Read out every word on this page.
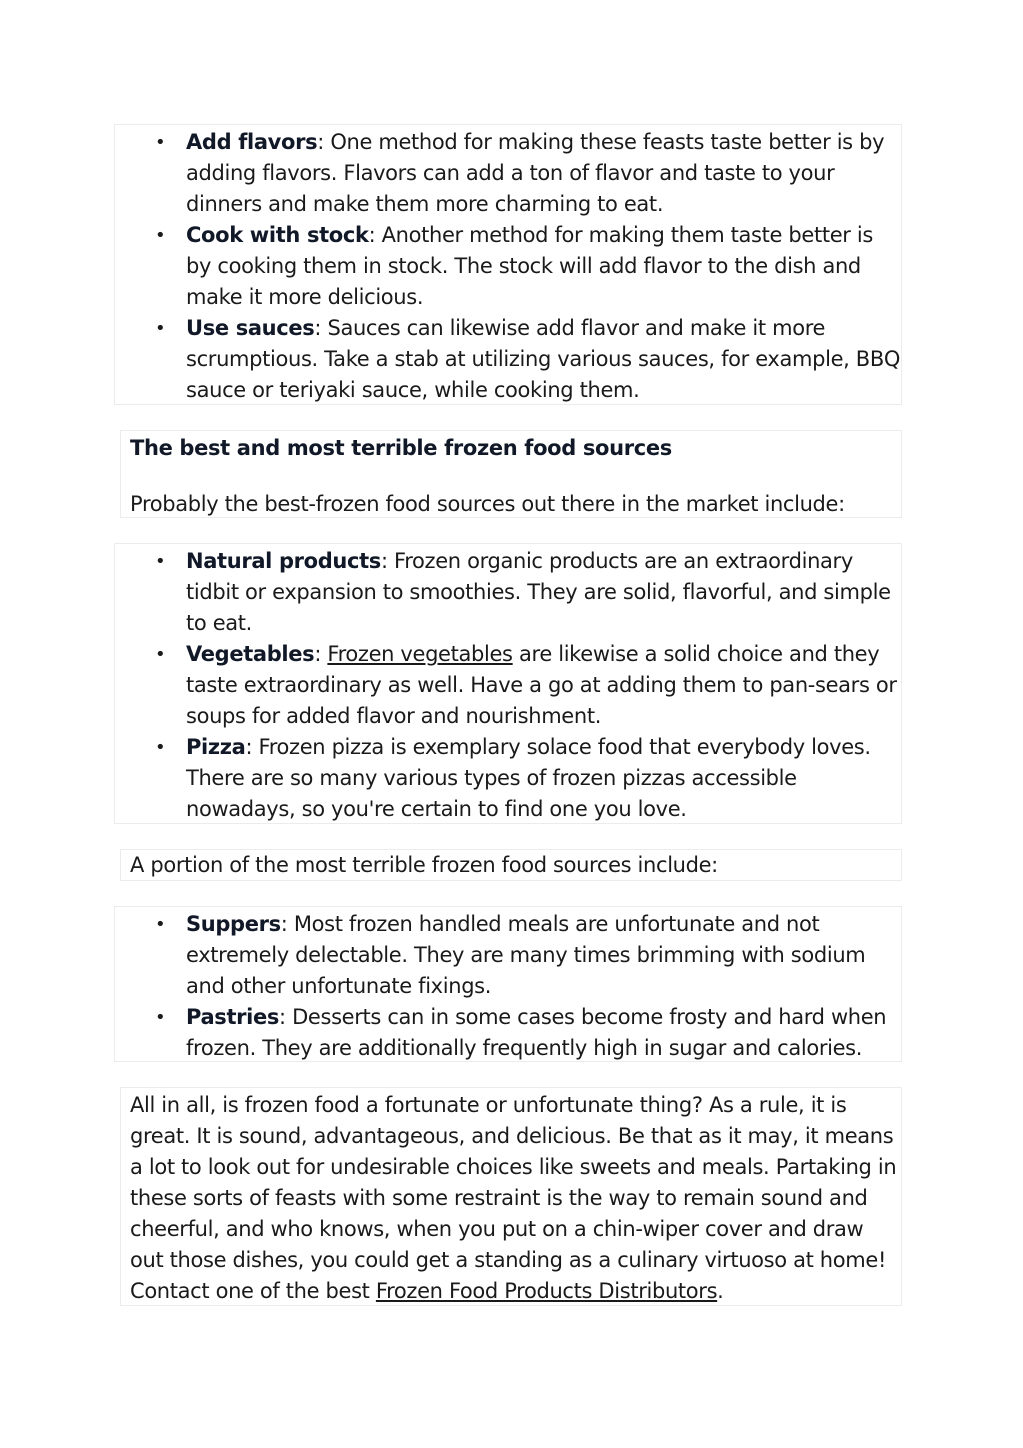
• Add flavors: One method for making these feasts taste better is by adding flavors. Flavors can add a ton of flavor and taste to your dinners and make them more charming to eat.
• Cook with stock: Another method for making them taste better is by cooking them in stock. The stock will add flavor to the dish and make it more delicious.
• Use sauces: Sauces can likewise add flavor and make it more scrumptious. Take a stab at utilizing various sauces, for example, BBQ sauce or teriyaki sauce, while cooking them.
The best and most terrible frozen food sources

Probably the best-frozen food sources out there in the market include:

• Natural products: Frozen organic products are an extraordinary tidbit or expansion to smoothies. They are solid, flavorful, and simple to eat.
• Vegetables: Frozen vegetables are likewise a solid choice and they taste extraordinary as well. Have a go at adding them to pan-sears or soups for added flavor and nourishment.
• Pizza: Frozen pizza is exemplary solace food that everybody loves. There are so many various types of frozen pizzas accessible nowadays, so you're certain to find one you love.

A portion of the most terrible frozen food sources include:

• Suppers: Most frozen handled meals are unfortunate and not extremely delectable. They are many times brimming with sodium and other unfortunate fixings.
• Pastries: Desserts can in some cases become frosty and hard when frozen. They are additionally frequently high in sugar and calories.

All in all, is frozen food a fortunate or unfortunate thing? As a rule, it is great. It is sound, advantageous, and delicious. Be that as it may, it means a lot to look out for undesirable choices like sweets and meals. Partaking in these sorts of feasts with some restraint is the way to remain sound and cheerful, and who knows, when you put on a chin-wiper cover and draw out those dishes, you could get a standing as a culinary virtuoso at home! Contact one of the best Frozen Food Products Distributors.
